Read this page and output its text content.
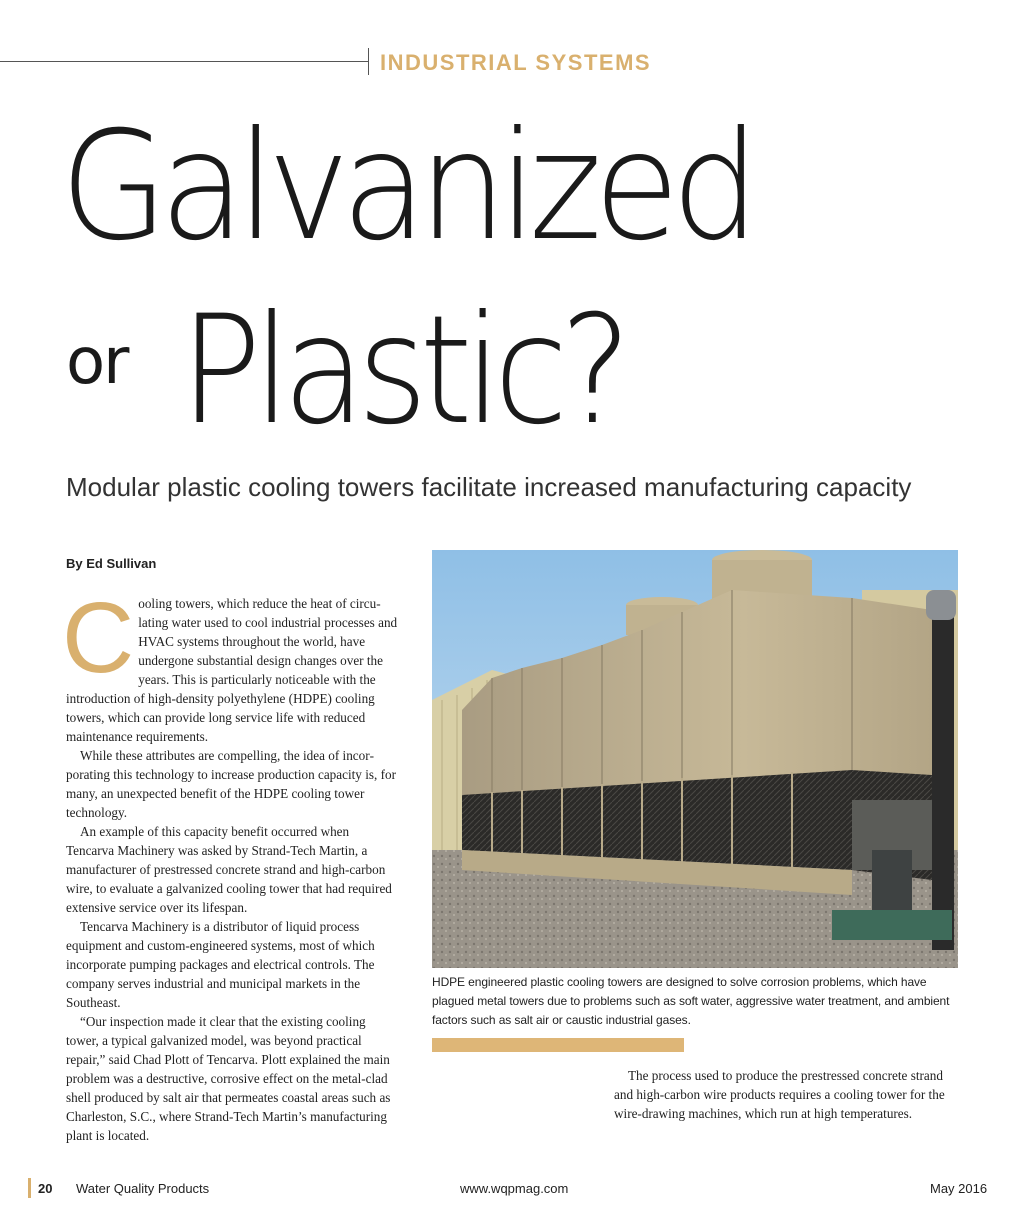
INDUSTRIAL SYSTEMS
Galvanized
or Plastic?
Modular plastic cooling towers facilitate increased manufacturing capacity
By Ed Sullivan

Cooling towers, which reduce the heat of circulating water used to cool industrial processes and HVAC systems throughout the world, have undergone substantial design changes over the years. This is particularly noticeable with the introduction of high-density polyethylene (HDPE) cooling towers, which can provide long service life with reduced maintenance requirements.

While these attributes are compelling, the idea of incorporating this technology to increase production capacity is, for many, an unexpected benefit of the HDPE cooling tower technology.

An example of this capacity benefit occurred when Tencarva Machinery was asked by Strand-Tech Martin, a manufacturer of prestressed concrete strand and high-carbon wire, to evaluate a galvanized cooling tower that had required extensive service over its lifespan.

Tencarva Machinery is a distributor of liquid process equipment and custom-engineered systems, most of which incorporate pumping packages and electrical controls. The company serves industrial and municipal markets in the Southeast.

“Our inspection made it clear that the existing cooling tower, a typical galvanized model, was beyond practical repair,” said Chad Plott of Tencarva. Plott explained the main problem was a destructive, corrosive effect on the metal-clad shell produced by salt air that permeates coastal areas such as Charleston, S.C., where Strand-Tech Martin’s manufacturing plant is located.

HDPE engineered plastic cooling towers are designed to solve corrosion problems, which have plagued metal towers due to problems such as soft water, aggressive water treatment, and ambient factors such as salt air or caustic industrial gases.

The process used to produce the prestressed concrete strand and high-carbon wire products requires a cooling tower for the wire-drawing machines, which run at high temperatures.

20 Water Quality Products	www.wqpmag.com	May 2016
